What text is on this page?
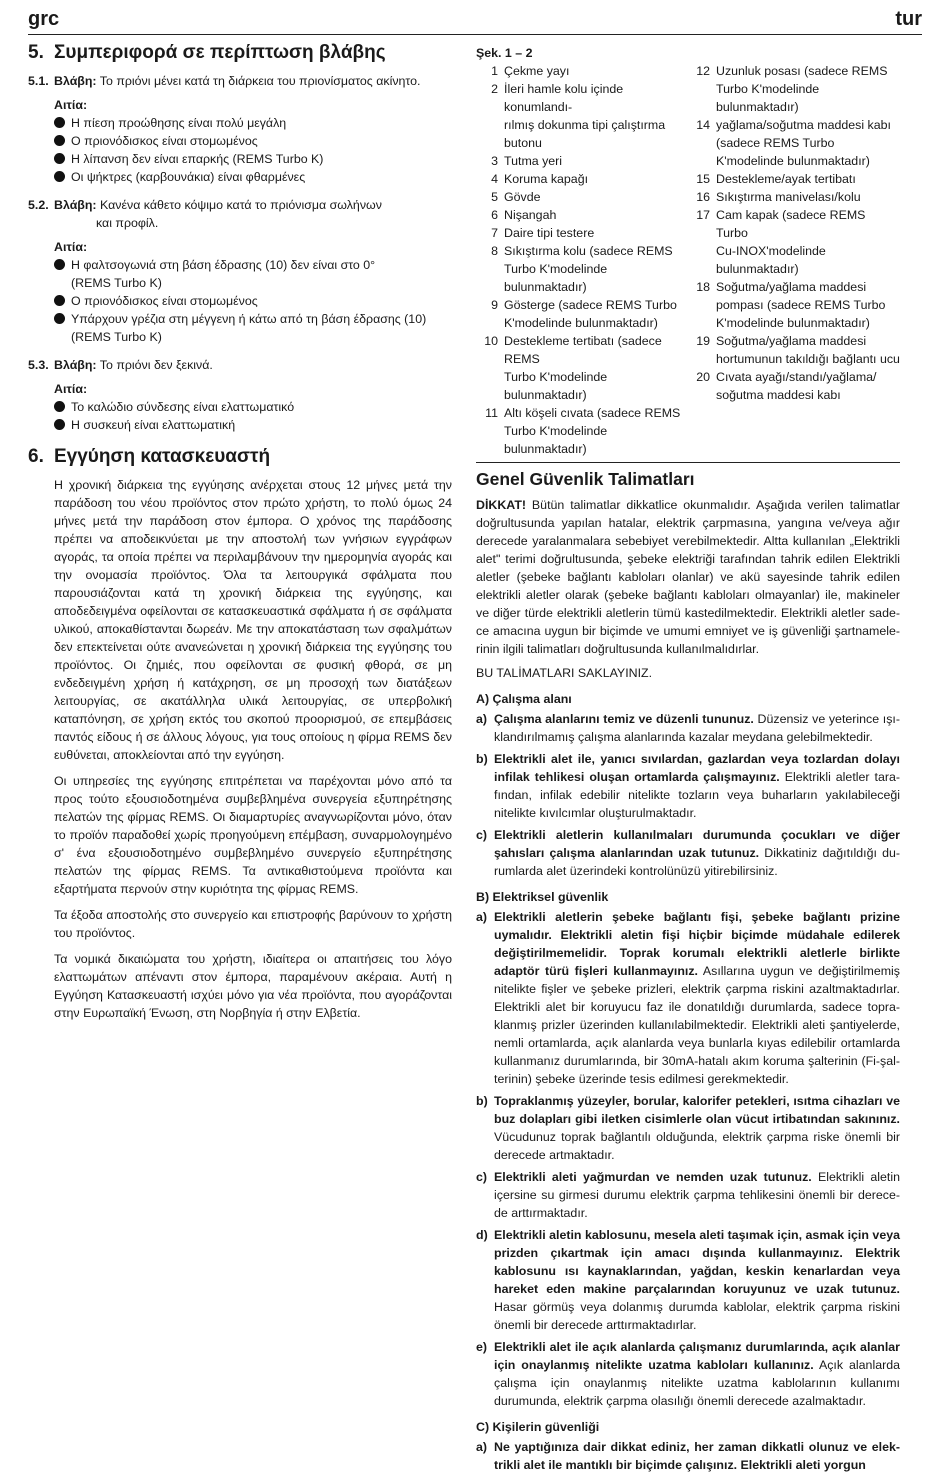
grc	tur
5. Συμπεριφορά σε περίπτωση βλάβης
5.1. Βλάβη: Το πριόνι μένει κατά τη διάρκεια του πριονίσματος ακίνητο.
Αιτία:
Η πίεση προώθησης είναι πολύ μεγάλη
Ο πριονόδισκος είναι στομωμένος
Η λίπανση δεν είναι επαρκής (REMS Turbo K)
Οι ψήκτρες (καρβουνάκια) είναι φθαρμένες
5.2. Βλάβη: Κανένα κάθετο κόψιμο κατά το πριόνισμα σωλήνων
και προφίλ.
Αιτία:
Η φαλτσογωνιά στη βάση έδρασης (10) δεν είναι στο 0°
(REMS Turbo K)
Ο πριονόδισκος είναι στομωμένος
Υπάρχουν γρέζια στη μέγγενη ή κάτω από τη βάση έδρασης (10)
(REMS Turbo K)
5.3. Βλάβη: Το πριόνι δεν ξεκινά.
Αιτία:
Το καλώδιο σύνδεσης είναι ελαττωματικό
Η συσκευή είναι ελαττωματική
6. Εγγύηση κατασκευαστή

Η χρονική διάρκεια της εγγύησης ανέρχεται στους 12 μήνες μετά την παράδοση του νέου προϊόντος στον πρώτο χρήστη, το πολύ όμως 24 μήνες μετά την παράδοση στον έμπορα. Ο χρόνος της παράδοσης πρέπει να αποδεικνύεται με την αποστολή των γνήσιων εγγράφων αγοράς, τα οποία πρέπει να περιλαμβάνουν την ημερομηνία αγοράς και την ονομασία προϊόντος. Όλα τα λειτουργικά σφάλματα που παρουσιάζονται κατά τη χρονική διάρκεια της εγγύησης, και αποδεδειγμένα οφείλονται σε κατασκευαστικά σφάλματα ή σε σφάλματα υλικού, αποκαθίστανται δωρεάν. Με την αποκατάσταση των σφαλμάτων δεν επεκτείνεται ούτε ανανεώνεται η χρονική διάρκεια της εγγύησης του προϊόντος. Οι ζημιές, που οφείλονται σε φυσική φθορά, σε μη ενδεδειγμένη χρήση ή κατάχρηση, σε μη προσοχή των διατάξεων λειτουργίας, σε ακατάλληλα υλικά λειτουργίας, σε υπερβολική καταπόνηση, σε χρήση εκτός του σκοπού προορισμού, σε επεμβάσεις παντός είδους ή σε άλλους λόγους, για τους οποίους η φίρμα REMS δεν ευθύνεται, αποκλείονται από την εγγύηση.

Οι υπηρεσίες της εγγύησης επιτρέπεται να παρέχονται μόνο από τα προς τούτο εξουσιοδοτημένα συμβεβλημένα συνεργεία εξυπηρέτησης πελατών της φίρμας REMS. Οι διαμαρτυρίες αναγνωρίζονται μόνο, όταν το προϊόν παραδοθεί χωρίς προηγούμενη επέμβαση, συναρμολογημένο σ' ένα εξουσιοδοτημένο συμβεβλημένο συνεργείο εξυπηρέτησης πελατών της φίρμας REMS. Τα αντικαθιστούμενα προϊόντα και εξαρτήματα περνούν στην κυριότητα της φίρμας REMS.

Τα έξοδα αποστολής στο συνεργείο και επιστροφής βαρύνουν το χρήστη του προϊόντος.

Τα νομικά δικαιώματα του χρήστη, ιδιαίτερα οι απαιτήσεις του λόγο ελαττωμάτων απέναντι στον έμπορα, παραμένουν ακέραια. Αυτή η Εγγύηση Κατασκευαστή ισχύει μόνο για νέα προϊόντα, που αγοράζονται στην Ευρωπαϊκή Ένωση, στη Νορβηγία ή στην Ελβετία.

Şek. 1 – 2
1 Çekme yayı
2 İleri hamle kolu içinde konumlandı-
rılmış dokunma tipi çalıştırma butonu
3 Tutma yeri
4 Koruma kapağı
5 Gövde
6 Nişangah
7 Daire tipi testere
8 Sıkıştırma kolu (sadece REMS
Turbo K'modelinde bulunmaktadır)
9 Gösterge (sadece REMS Turbo
K'modelinde bulunmaktadır)
10 Destekleme tertibatı (sadece REMS
Turbo K'modelinde bulunmaktadır)
11 Altı köşeli cıvata (sadece REMS
Turbo K'modelinde bulunmaktadır)
12 Uzunluk posası (sadece REMS
Turbo K'modelinde bulunmaktadır)
14 yağlama/soğutma maddesi kabı
(sadece REMS Turbo
K'modelinde bulunmaktadır)
15 Destekleme/ayak tertibatı
16 Sıkıştırma manivelası/kolu
17 Cam kapak (sadece REMS Turbo
Cu-INOX'modelinde bulunmaktadır)
18 Soğutma/yağlama maddesi
pompası (sadece REMS Turbo
K'modelinde bulunmaktadır)
19 Soğutma/yağlama maddesi
hortumunun takıldığı bağlantı ucu
20 Cıvata ayağı/standı/yağlama/
soğutma maddesi kabı
Genel Güvenlik Talimatları

DİKKAT! Bütün talimatlar dikkatlice okunmalıdır. Aşağıda verilen talimatlar doğrultusunda yapılan hatalar, elektrik çarpmasına, yangına ve/veya ağır derecede yaralanmalara sebebiyet verebilmektedir. Altta kullanılan „Elektrikli alet" terimi doğrultusunda, şebeke elektriği tarafından tahrik edilen Elektrikli aletler (şebeke bağlantı kabloları olanlar) ve akü sayesinde tahrik edilen elektrikli aletler olarak (şebeke bağlantı kabloları olmayanlar) ile, makineler ve diğer türde elektrikli aletlerin tümü kastedilmektedir. Elektrikli aletler sade-ce amacına uygun bir biçimde ve umumi emniyet ve iş güvenliği şartnamele-rinin ilgili talimatları doğrultusunda kullanılmalıdırlar.

BU TALİMATLARI SAKLAYINIZ.

A) Çalışma alanı
a) Çalışma alanlarını temiz ve düzenli tununuz. Düzensiz ve yeterince ışı-klandırılmamış çalışma alanlarında kazalar meydana gelebilmektedir.
b) Elektrikli alet ile, yanıcı sıvılardan, gazlardan veya tozlardan dolayı infilak tehlikesi oluşan ortamlarda çalışmayınız. Elektrikli aletler tara-fından, infilak edebilir nitelikte tozların veya buharların yakılabileceği nitelikte kıvılcımlar oluşturulmaktadır.
c) Elektrikli aletlerin kullanılmaları durumunda çocukları ve diğer şahısları çalışma alanlarından uzak tutunuz. Dikkatiniz dağıtıldığı du-rumlarda alet üzerindeki kontrolünüzü yitirebilirsiniz.
B) Elektriksel güvenlik
a) Elektrikli aletlerin şebeke bağlantı fişi, şebeke bağlantı prizine uymalıdır. Elektrikli aletin fişi hiçbir biçimde müdahale edilerek değiştirilmemelidir. Toprak korumalı elektrikli aletlerle birlikte adaptör türü fişleri kullanmayınız. Asıllarına uygun ve değiştirilmemiş nitelikte fişler ve şebeke prizleri, elektrik çarpma riskini azaltmaktadırlar. Elektrikli alet bir koruyucu faz ile donatıldığı durumlarda, sadece topra-klanmış prizler üzerinden kullanılabilmektedir. Elektrikli aleti şantiyelerde, nemli ortamlarda, açık alanlarda veya bunlarla kıyas edilebilir ortamlarda kullanmanız durumlarında, bir 30mA-hatalı akım koruma şalterinin (Fi-şal-terinin) şebeke üzerinde tesis edilmesi gerekmektedir.
b) Topraklanmış yüzeyler, borular, kalorifer petekleri, ısıtma cihazları ve buz dolapları gibi iletken cisimlerle olan vücut irtibatından sakınınız. Vücudunuz toprak bağlantılı olduğunda, elektrik çarpma riske önemli bir derecede artmaktadır.
c) Elektrikli aleti yağmurdan ve nemden uzak tutunuz. Elektrikli aletin içersine su girmesi durumu elektrik çarpma tehlikesini önemli bir derece-de arttırmaktadır.
d) Elektrikli aletin kablosunu, mesela aleti taşımak için, asmak için veya prizden çıkartmak için amacı dışında kullanmayınız. Elektrik kablosunu ısı kaynaklarından, yağdan, keskin kenarlardan veya hareket eden makine parçalarından koruyunuz ve uzak tutunuz. Hasar görmüş veya dolanmış durumda kablolar, elektrik çarpma riskini önemli bir derecede arttırmaktadırlar.
e) Elektrikli alet ile açık alanlarda çalışmanız durumlarında, açık alanlar için onaylanmış nitelikte uzatma kabloları kullanınız. Açık alanlarda çalışma için onaylanmış nitelikte uzatma kablolarının kullanımı durumunda, elektrik çarpma olasılığı önemli derecede azalmaktadır.
C) Kişilerin güvenliği
a) Ne yaptığınıza dair dikkat ediniz, her zaman dikkatli olunuz ve elek-trikli alet ile mantıklı bir biçimde çalışınız. Elektrikli aleti yorgun
